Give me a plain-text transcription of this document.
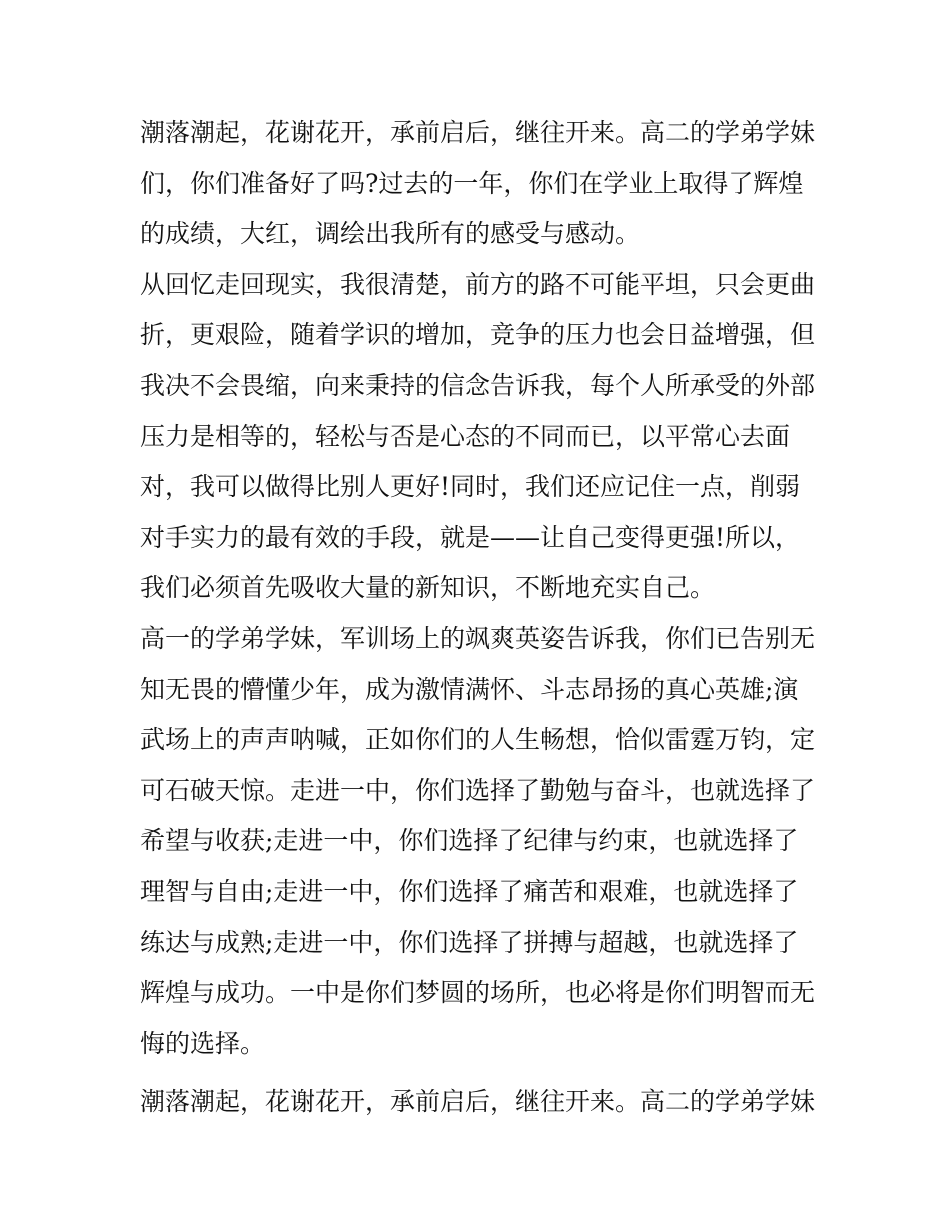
潮落潮起，花谢花开，承前启后，继往开来。高二的学弟学妹
们，你们准备好了吗?过去的一年，你们在学业上取得了辉煌
的成绩，大红，调绘出我所有的感受与感动。
从回忆走回现实，我很清楚，前方的路不可能平坦，只会更曲
折，更艰险，随着学识的增加，竞争的压力也会日益增强，但
我决不会畏缩，向来秉持的信念告诉我，每个人所承受的外部
压力是相等的，轻松与否是心态的不同而已，以平常心去面
对，我可以做得比别人更好!同时，我们还应记住一点，削弱
对手实力的最有效的手段，就是——让自己变得更强!所以，
我们必须首先吸收大量的新知识，不断地充实自己。
高一的学弟学妹，军训场上的飒爽英姿告诉我，你们已告别无
知无畏的懵懂少年，成为激情满怀、斗志昂扬的真心英雄;演
武场上的声声呐喊，正如你们的人生畅想，恰似雷霆万钧，定
可石破天惊。走进一中，你们选择了勤勉与奋斗，也就选择了
希望与收获;走进一中，你们选择了纪律与约束，也就选择了
理智与自由;走进一中，你们选择了痛苦和艰难，也就选择了
练达与成熟;走进一中，你们选择了拼搏与超越，也就选择了
辉煌与成功。一中是你们梦圆的场所，也必将是你们明智而无
悔的选择。
潮落潮起，花谢花开，承前启后，继往开来。高二的学弟学妹
